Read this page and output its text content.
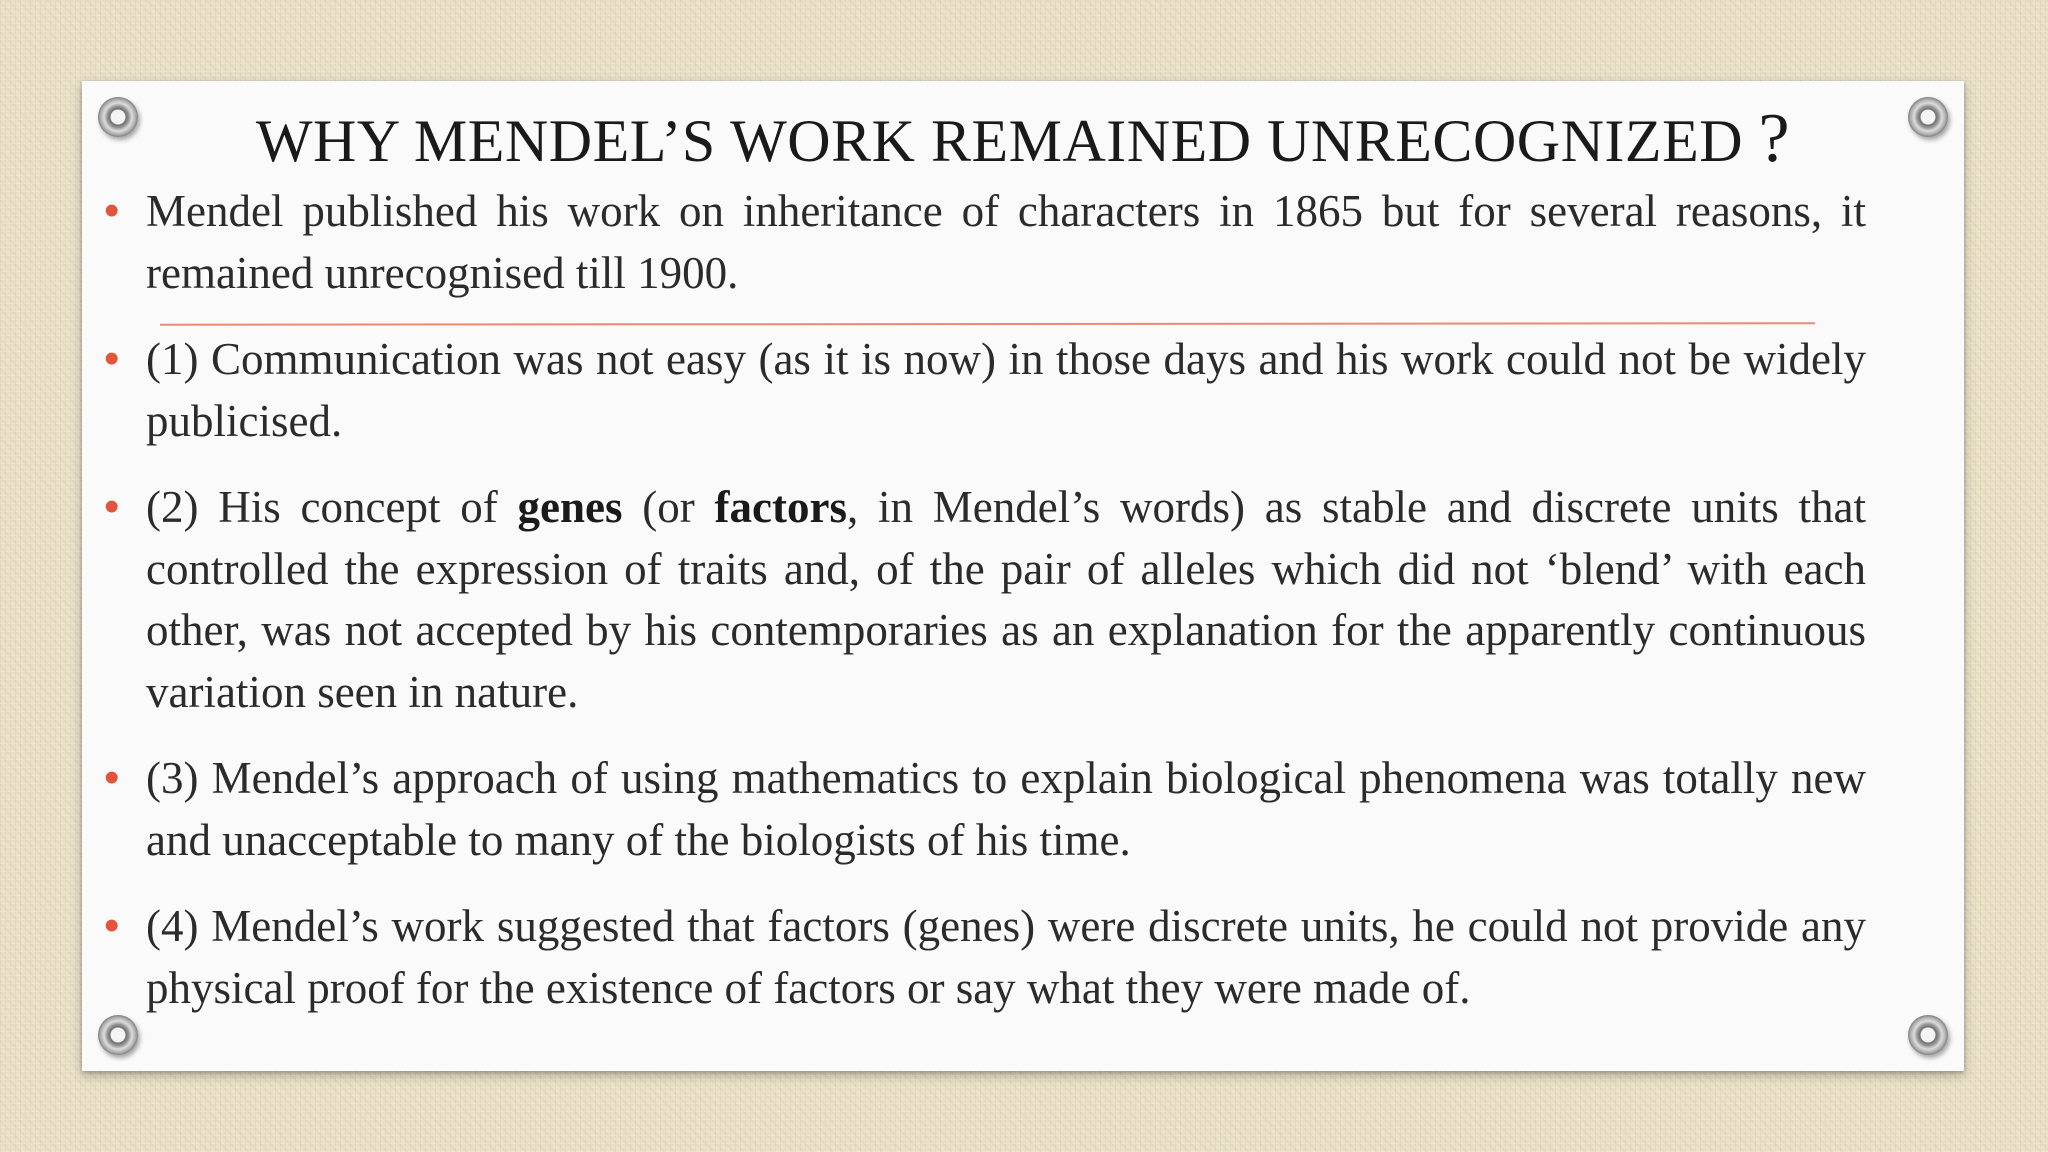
WHY MENDEL’S WORK REMAINED UNRECOGNIZED ?
• Mendel published his work on inheritance of characters in 1865 but for several reasons, it remained unrecognised till 1900.
• (1) Communication was not easy (as it is now) in those days and his work could not be widely publicised.
• (2) His concept of genes (or factors, in Mendel’s words) as stable and discrete units that controlled the expression of traits and, of the pair of alleles which did not ‘blend’ with each other, was not accepted by his contemporaries as an explanation for the apparently continuous variation seen in nature.
• (3) Mendel’s approach of using mathematics to explain biological phenomena was totally new and unacceptable to many of the biologists of his time.
• (4) Mendel’s work suggested that factors (genes) were discrete units, he could not provide any physical proof for the existence of factors or say what they were made of.
